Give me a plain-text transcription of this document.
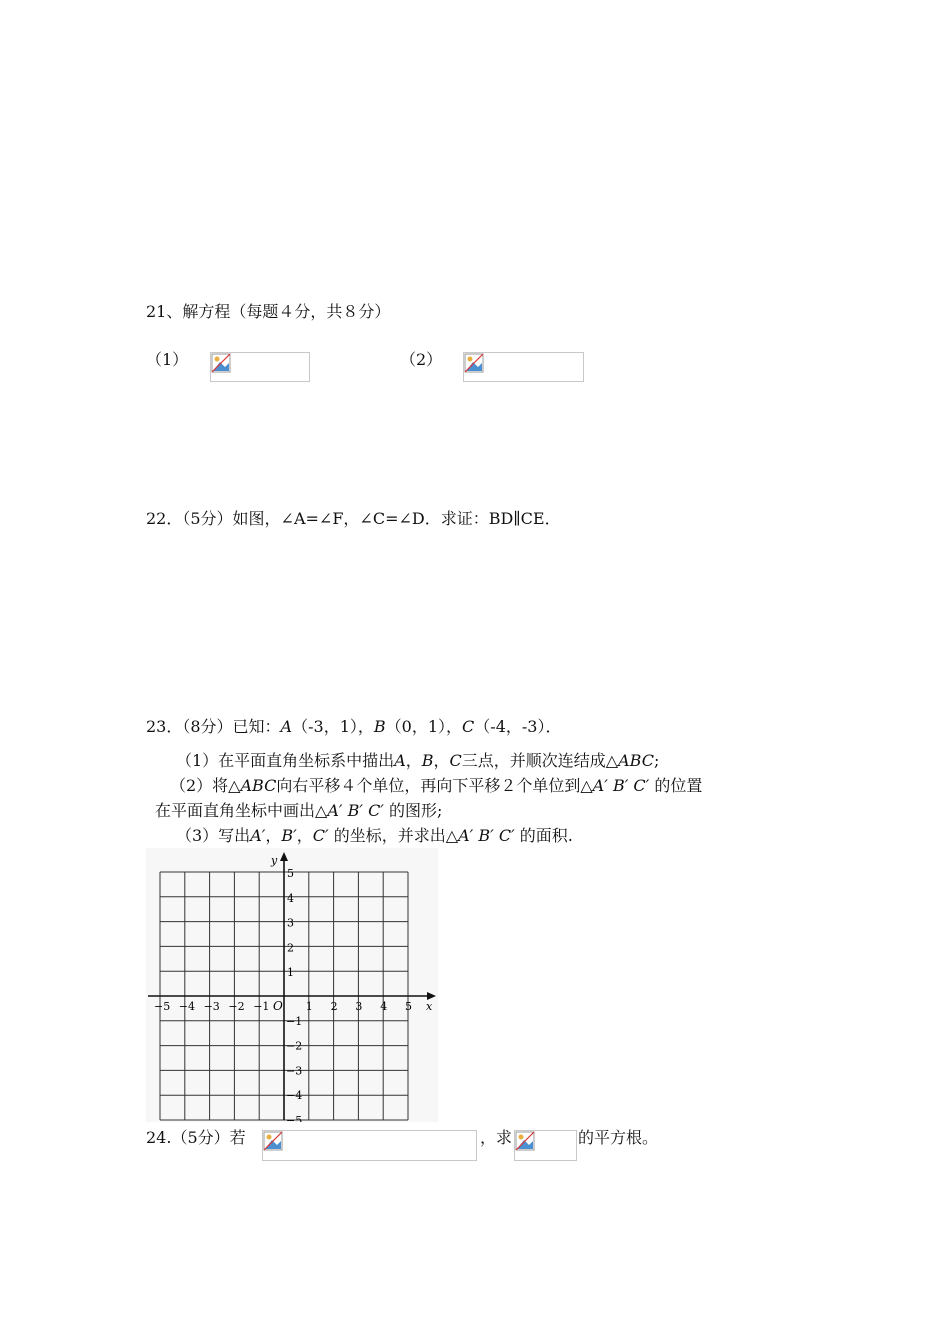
21、解方程（每题４分，共８分）
（1）	（2）
22．（5分）如图，∠A=∠F，∠C=∠D．求证：BD∥CE．
23．（8分）已知：A（-3，1），B（0，1），C（-4，-3）．
（1）在平面直角坐标系中描出A，B，C三点，并顺次连结成△ABC;
（2）将△ABC向右平移４个单位，再向下平移２个单位到△A′ B′ C′ 的位置
在平面直角坐标中画出△A′ B′ C′ 的图形;
（3）写出A′，B′，C′ 的坐标，并求出△A′ B′ C′ 的面积.
−5 −4 −3 −2 −1	1 2 3 4 5
1
2
3
4
5
−1
−2
−3
−4
−5
O	x
y
24.（5分）若	，求	的平方根。
